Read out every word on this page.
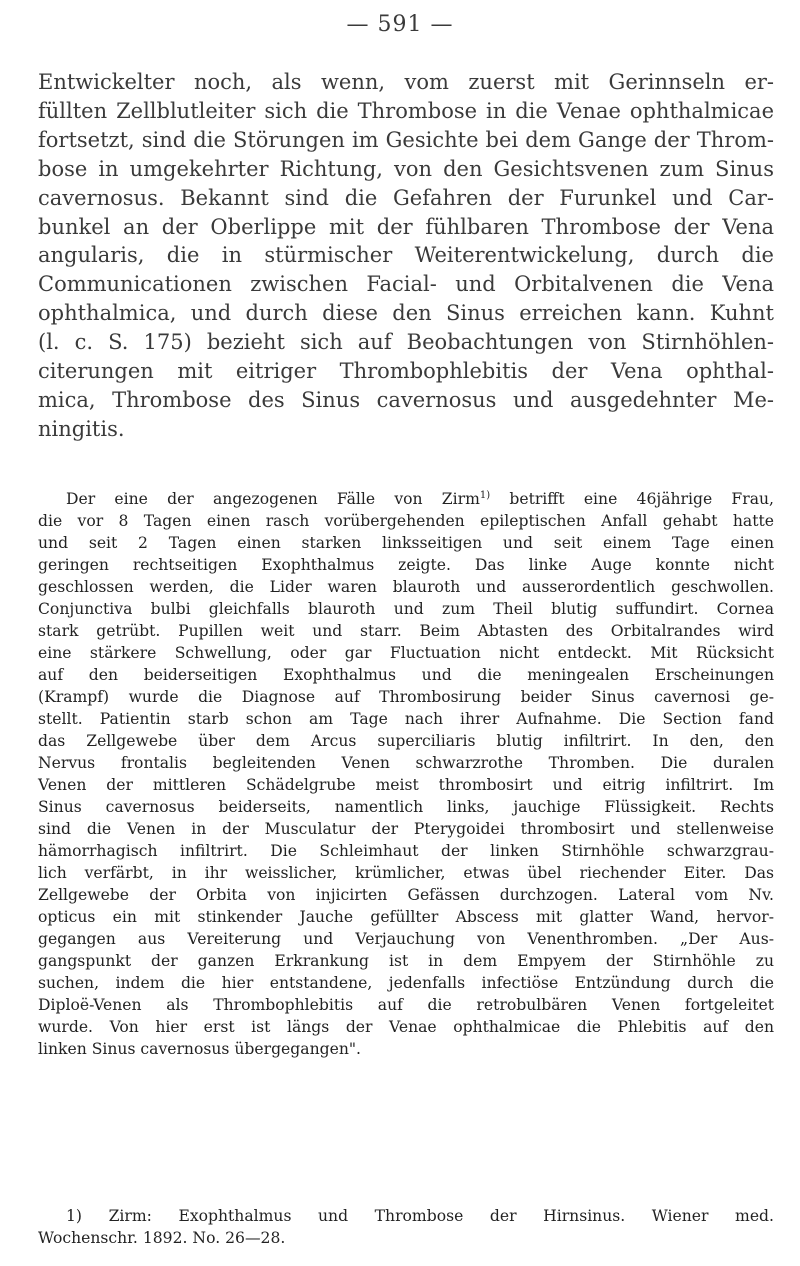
— 591 —
Entwickelter noch, als wenn, vom zuerst mit Gerinnseln er-
füllten Zellblutleiter sich die Thrombose in die Venae ophthalmicae
fortsetzt, sind die Störungen im Gesichte bei dem Gange der Throm-
bose in umgekehrter Richtung, von den Gesichtsvenen zum Sinus
cavernosus. Bekannt sind die Gefahren der Furunkel und Car-
bunkel an der Oberlippe mit der fühlbaren Thrombose der Vena
angularis, die in stürmischer Weiterentwickelung, durch die
Communicationen zwischen Facial- und Orbitalvenen die Vena
ophthalmica, und durch diese den Sinus erreichen kann. Kuhnt
(l. c. S. 175) bezieht sich auf Beobachtungen von Stirnhöhlen-
citerungen mit eitriger Thrombophlebitis der Vena ophthal-
mica, Thrombose des Sinus cavernosus und ausgedehnter Me-
ningitis.
Der eine der angezogenen Fälle von Zirm$^{1)}$ betrifft eine 46jährige Frau,
die vor 8 Tagen einen rasch vorübergehenden epileptischen Anfall gehabt hatte
und seit 2 Tagen einen starken linksseitigen und seit einem Tage einen
geringen rechtseitigen Exophthalmus zeigte. Das linke Auge konnte nicht
geschlossen werden, die Lider waren blauroth und ausserordentlich geschwollen.
Conjunctiva bulbi gleichfalls blauroth und zum Theil blutig suffundirt. Cornea
stark getrübt. Pupillen weit und starr. Beim Abtasten des Orbitalrandes wird
eine stärkere Schwellung, oder gar Fluctuation nicht entdeckt. Mit Rücksicht
auf den beiderseitigen Exophthalmus und die meningealen Erscheinungen
(Krampf) wurde die Diagnose auf Thrombosirung beider Sinus cavernosi ge-
stellt. Patientin starb schon am Tage nach ihrer Aufnahme. Die Section fand
das Zellgewebe über dem Arcus superciliaris blutig infiltrirt. In den, den
Nervus frontalis begleitenden Venen schwarzrothe Thromben. Die duralen
Venen der mittleren Schädelgrube meist thrombosirt und eitrig infiltrirt. Im
Sinus cavernosus beiderseits, namentlich links, jauchige Flüssigkeit. Rechts
sind die Venen in der Musculatur der Pterygoidei thrombosirt und stellenweise
hämorrhagisch infiltrirt. Die Schleimhaut der linken Stirnhöhle schwarzgrau-
lich verfärbt, in ihr weisslicher, krümlicher, etwas übel riechender Eiter. Das
Zellgewebe der Orbita von injicirten Gefässen durchzogen. Lateral vom Nv.
opticus ein mit stinkender Jauche gefüllter Abscess mit glatter Wand, hervor-
gegangen aus Vereiterung und Verjauchung von Venenthromben. „Der Aus-
gangspunkt der ganzen Erkrankung ist in dem Empyem der Stirnhöhle zu
suchen, indem die hier entstandene, jedenfalls infectiöse Entzündung durch die
Diploë-Venen als Thrombophlebitis auf die retrobulbären Venen fortgeleitet
wurde. Von hier erst ist längs der Venae ophthalmicae die Phlebitis auf den
linken Sinus cavernosus übergegangen".
1) Zirm: Exophthalmus und Thrombose der Hirnsinus. Wiener med.
Wochenschr. 1892. No. 26—28.
